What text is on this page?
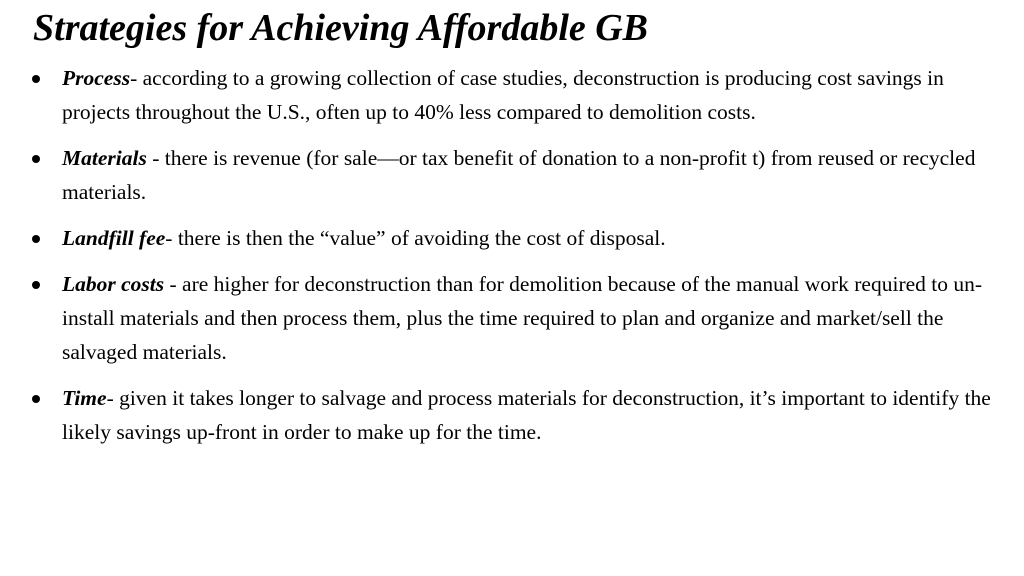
Strategies for Achieving Affordable GB
Process- according to a growing collection of case studies, deconstruction is producing cost savings in projects throughout the U.S., often up to 40% less compared to demolition costs.
Materials - there is revenue (for sale—or tax benefit of donation to a non-profit t) from reused or recycled materials.
Landfill fee- there is then the “value” of avoiding the cost of disposal.
Labor costs - are higher for deconstruction than for demolition because of the manual work required to un-install materials and then process them, plus the time required to plan and organize and market/sell the salvaged materials.
Time- given it takes longer to salvage and process materials for deconstruction, it’s important to identify the likely savings up-front in order to make up for the time.
